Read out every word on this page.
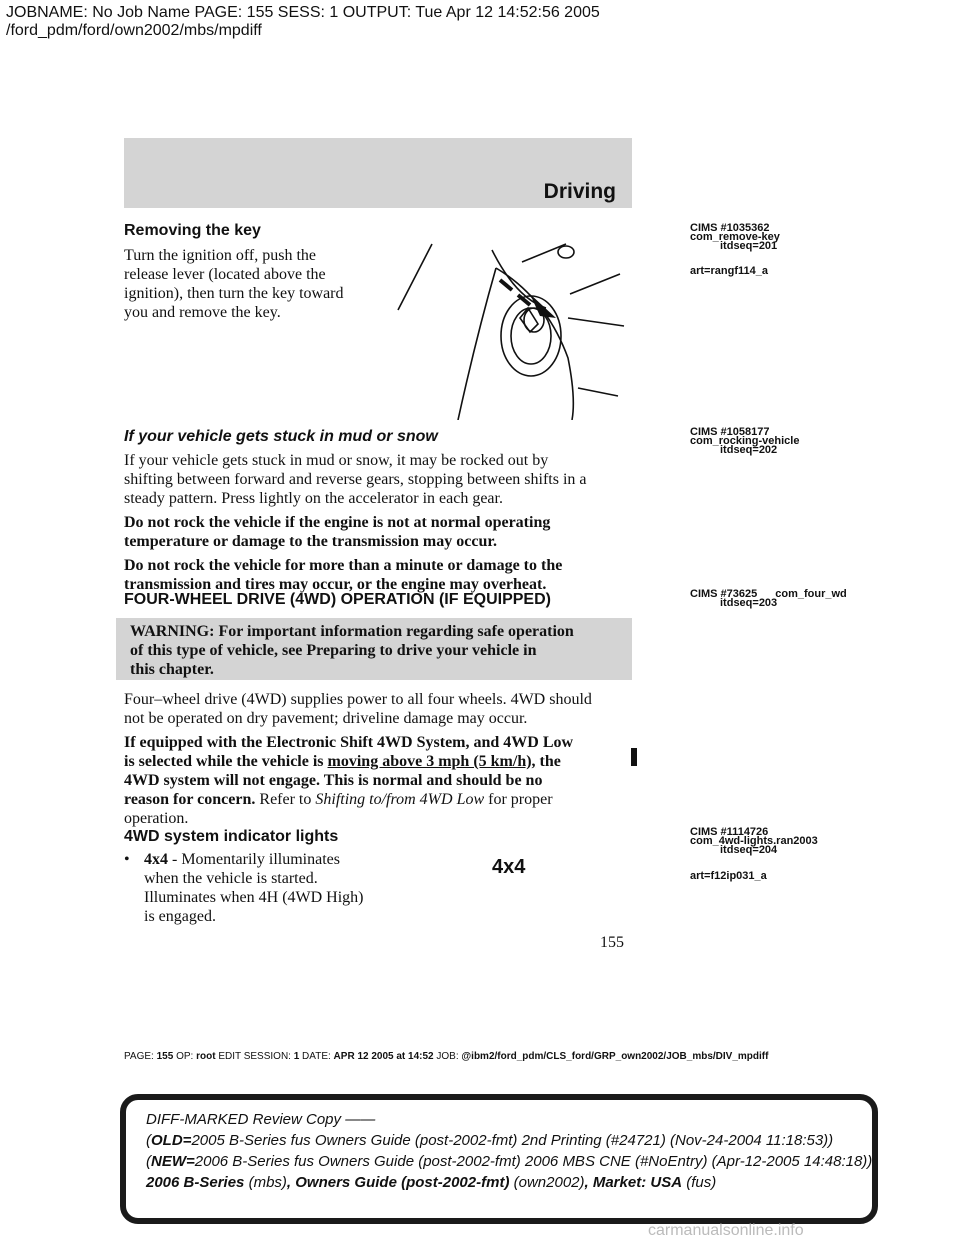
JOBNAME: No Job Name PAGE: 155 SESS: 1 OUTPUT: Tue Apr 12 14:52:56 2005
/ford_pdm/ford/own2002/mbs/mpdiff
Driving
Removing the key
Turn the ignition off, push the
release lever (located above the
ignition), then turn the key toward
you and remove the key.
CIMS #1035362
com_remove-key
itdseq=201
art=rangf114_a
If your vehicle gets stuck in mud or snow
If your vehicle gets stuck in mud or snow, it may be rocked out by
shifting between forward and reverse gears, stopping between shifts in a
steady pattern. Press lightly on the accelerator in each gear.
Do not rock the vehicle if the engine is not at normal operating
temperature or damage to the transmission may occur.
Do not rock the vehicle for more than a minute or damage to the
transmission and tires may occur, or the engine may overheat.
CIMS #1058177
com_rocking-vehicle
itdseq=202
FOUR-WHEEL DRIVE (4WD) OPERATION (IF EQUIPPED)	CIMS #73625 com_four_wd
itdseq=203
WARNING: For important information regarding safe operation
of this type of vehicle, see Preparing to drive your vehicle in
this chapter.
Four–wheel drive (4WD) supplies power to all four wheels. 4WD should
not be operated on dry pavement; driveline damage may occur.
If equipped with the Electronic Shift 4WD System, and 4WD Low
is selected while the vehicle is moving above 3 mph (5 km/h), the
4WD system will not engage. This is normal and should be no
reason for concern. Refer to Shifting to/from 4WD Low for proper
operation.
4WD system indicator lights
• 4x4 - Momentarily illuminates
when the vehicle is started.
Illuminates when 4H (4WD High)
is engaged.
4x4
CIMS #1114726
com_4wd-lights.ran2003
itdseq=204
art=f12ip031_a
155
PAGE: 155 OP: root EDIT SESSION: 1 DATE: APR 12 2005 at 14:52 JOB: @ibm2/ford_pdm/CLS_ford/GRP_own2002/JOB_mbs/DIV_mpdiff
DIFF-MARKED Review Copy ——
(OLD=2005 B-Series fus Owners Guide (post-2002-fmt) 2nd Printing (#24721) (Nov-24-2004 11:18:53))
(NEW=2006 B-Series fus Owners Guide (post-2002-fmt) 2006 MBS CNE (#NoEntry) (Apr-12-2005 14:48:18))
2006 B-Series (mbs), Owners Guide (post-2002-fmt) (own2002), Market: USA (fus)
carmanualsonline.info
